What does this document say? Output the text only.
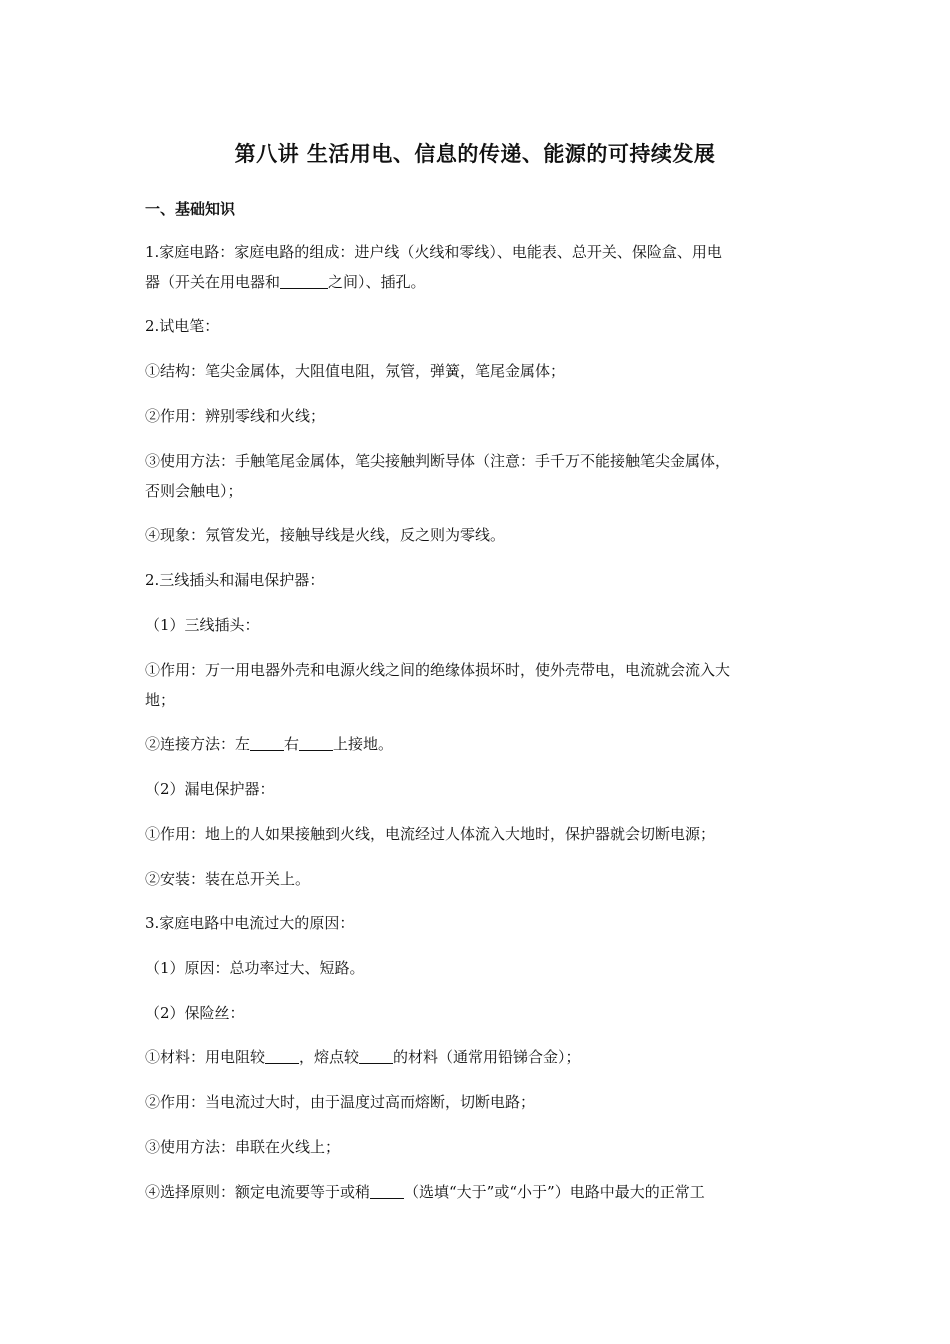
第八讲 生活用电、信息的传递、能源的可持续发展
一、基础知识

1.家庭电路：家庭电路的组成：进户线（火线和零线）、电能表、总开关、保险盒、用电

器（开关在用电器和	之间）、插孔。

2.试电笔：

①结构：笔尖金属体，大阻值电阻，氖管，弹簧，笔尾金属体；

②作用：辨别零线和火线；

③使用方法：手触笔尾金属体，笔尖接触判断导体（注意：手千万不能接触笔尖金属体，

否则会触电）；

④现象：氖管发光，接触导线是火线，反之则为零线。

2.三线插头和漏电保护器：

（1）三线插头：

①作用：万一用电器外壳和电源火线之间的绝缘体损坏时，使外壳带电，电流就会流入大

地；

②连接方法：左 右 上接地。

（2）漏电保护器：

①作用：地上的人如果接触到火线，电流经过人体流入大地时，保护器就会切断电源；

②安装：装在总开关上。

3.家庭电路中电流过大的原因：

（1）原因：总功率过大、短路。

（2）保险丝：

①材料：用电阻较 ，熔点较 的材料（通常用铅锑合金）；

②作用：当电流过大时，由于温度过高而熔断，切断电路；

③使用方法：串联在火线上；

④选择原则：额定电流要等于或稍 （选填“大于”或“小于”）电路中最大的正常工
